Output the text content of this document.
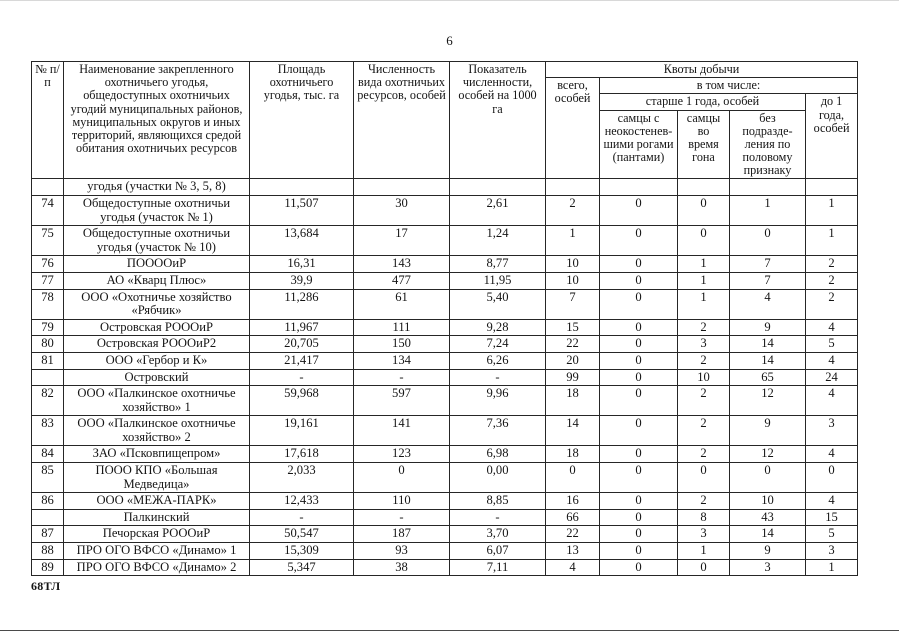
6
№ п/п	Наименование закрепленного охотничьего угодья, общедоступных охотничьих угодий муниципальных районов, муниципальных округов и иных территорий, являющихся средой обитания охотничьих ресурсов	Площадь охотничьего угодья, тыс. га	Численность вида охотничьих ресурсов, особей	Показатель численности, особей на 1000 га	Квоты добычи				
					всего, особей	в том числе:			
						старше 1 года, особей			до 1 года, особей
						самцы с неокостенев-шими рогами (пантами)	самцы во время гона	без подразде-ления по половому признаку	
	угодья (участки № 3, 5, 8)								
74	Общедоступные охотничьи угодья (участок № 1)	11,507	30	2,61	2	0	0	1	1
75	Общедоступные охотничьи угодья (участок № 10)	13,684	17	1,24	1	0	0	0	1
76	ПООООиР	16,31	143	8,77	10	0	1	7	2
77	АО «Кварц Плюс»	39,9	477	11,95	10	0	1	7	2
78	ООО «Охотничье хозяйство «Рябчик»	11,286	61	5,40	7	0	1	4	2
79	Островская РОООиР	11,967	111	9,28	15	0	2	9	4
80	Островская РОООиР2	20,705	150	7,24	22	0	3	14	5
81	ООО «Гербор и К»	21,417	134	6,26	20	0	2	14	4
	Островский	-	-	-	99	0	10	65	24
82	ООО «Палкинское охотничье хозяйство» 1	59,968	597	9,96	18	0	2	12	4
83	ООО «Палкинское охотничье хозяйство» 2	19,161	141	7,36	14	0	2	9	3
84	ЗАО «Псковпищепром»	17,618	123	6,98	18	0	2	12	4
85	ПООО КПО «Большая Медведица»	2,033	0	0,00	0	0	0	0	0
86	ООО «МЕЖА-ПАРК»	12,433	110	8,85	16	0	2	10	4
	Палкинский	-	-	-	66	0	8	43	15
87	Печорская РОООиР	50,547	187	3,70	22	0	3	14	5
88	ПРО ОГО ВФСО «Динамо» 1	15,309	93	6,07	13	0	1	9	3
89	ПРО ОГО ВФСО «Динамо» 2	5,347	38	7,11	4	0	0	3	1
68ТЛ
